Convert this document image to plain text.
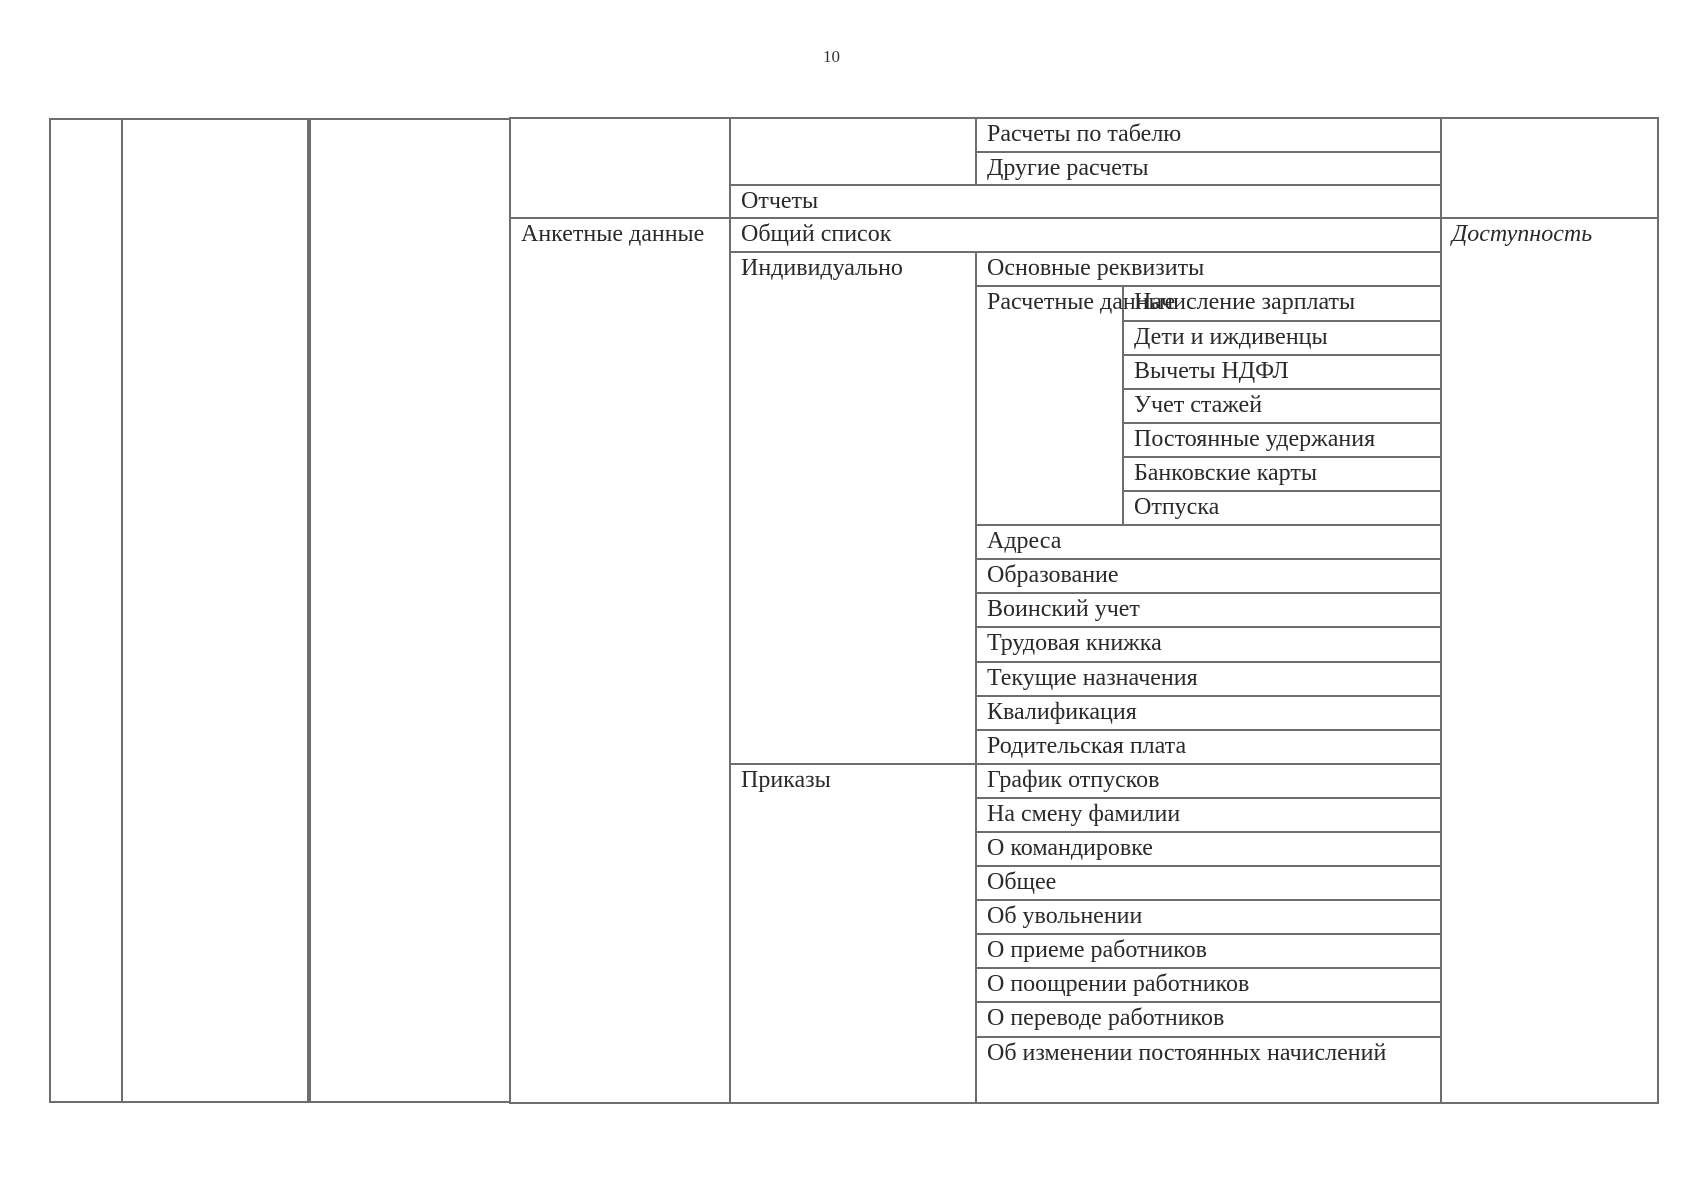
10
		Расчеты по табелю		
		Другие расчеты		
	Отчеты			
Анкетные данные	Общий список			Доступность
	Индивидуально	Основные реквизиты		
		Расчетные данные	Начисление зарплаты	
			Дети и иждивенцы	
			Вычеты НДФЛ	
			Учет стажей	
			Постоянные удержания	
			Банковские карты	
			Отпуска	
		Адреса		
		Образование		
		Воинский учет		
		Трудовая книжка		
		Текущие назначения		
		Квалификация		
		Родительская плата		
	Приказы	График отпусков		
		На смену фамилии		
		О командировке		
		Общее		
		Об увольнении		
		О приеме работников		
		О поощрении работников		
		О переводе работников		
		Об изменении постоянных начислений		
